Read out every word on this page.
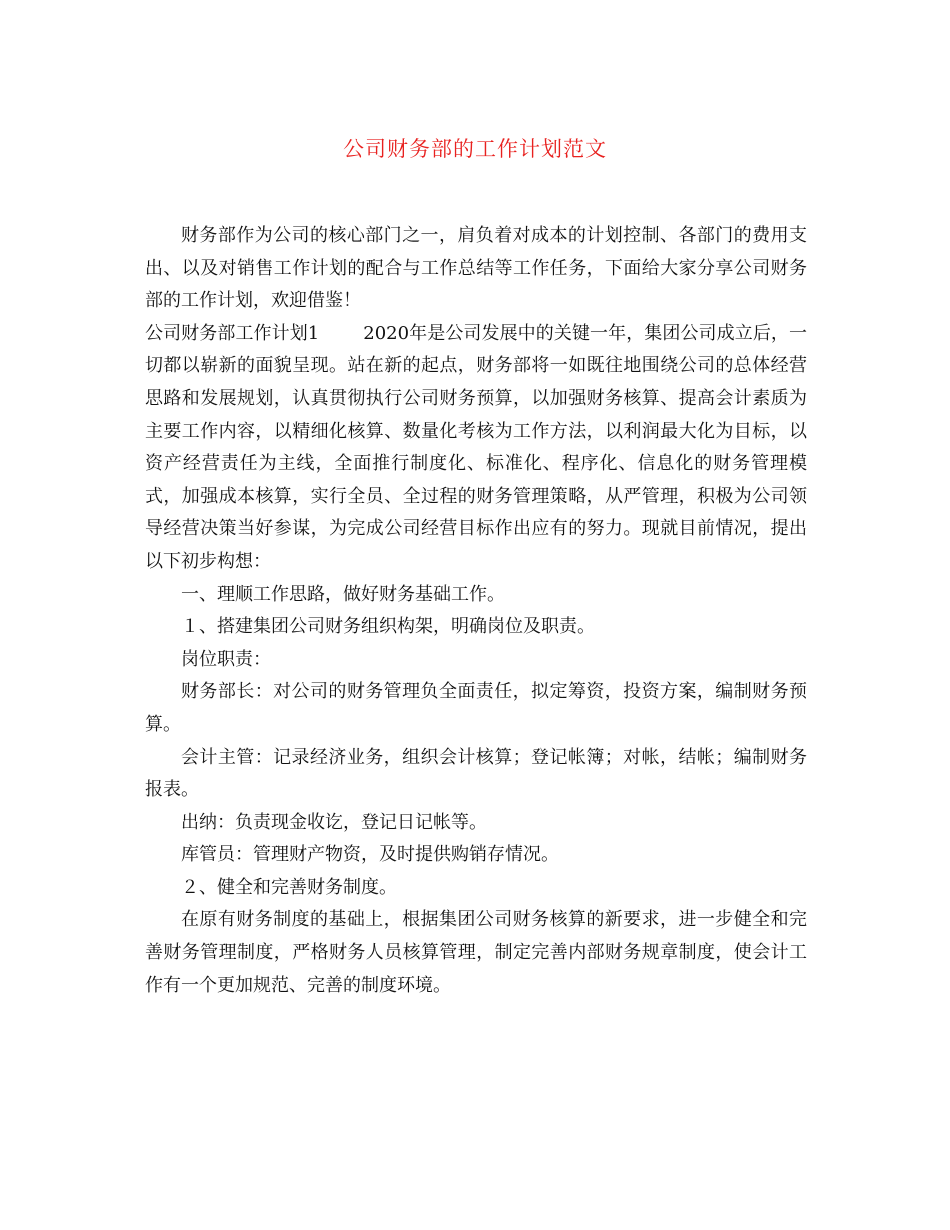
公司财务部的工作计划范文

财务部作为公司的核心部门之一，肩负着对成本的计划控制、各部门的费用支出、以及对销售工作计划的配合与工作总结等工作任务，下面给大家分享公司财务部的工作计划，欢迎借鉴！

公司财务部工作计划1 2020年是公司发展中的关键一年，集团公司成立后，一切都以崭新的面貌呈现。站在新的起点，财务部将一如既往地围绕公司的总体经营思路和发展规划，认真贯彻执行公司财务预算，以加强财务核算、提高会计素质为主要工作内容，以精细化核算、数量化考核为工作方法，以利润最大化为目标，以资产经营责任为主线，全面推行制度化、标准化、程序化、信息化的财务管理模式，加强成本核算，实行全员、全过程的财务管理策略，从严管理，积极为公司领导经营决策当好参谋，为完成公司经营目标作出应有的努力。现就目前情况，提出以下初步构想：

一、理顺工作思路，做好财务基础工作。

１、搭建集团公司财务组织构架，明确岗位及职责。

岗位职责：

财务部长：对公司的财务管理负全面责任，拟定筹资，投资方案，编制财务预算。

会计主管：记录经济业务，组织会计核算；登记帐簿；对帐，结帐；编制财务报表。

出纳：负责现金收讫，登记日记帐等。

库管员：管理财产物资，及时提供购销存情况。

２、健全和完善财务制度。

在原有财务制度的基础上，根据集团公司财务核算的新要求，进一步健全和完善财务管理制度，严格财务人员核算管理，制定完善内部财务规章制度，使会计工作有一个更加规范、完善的制度环境。
